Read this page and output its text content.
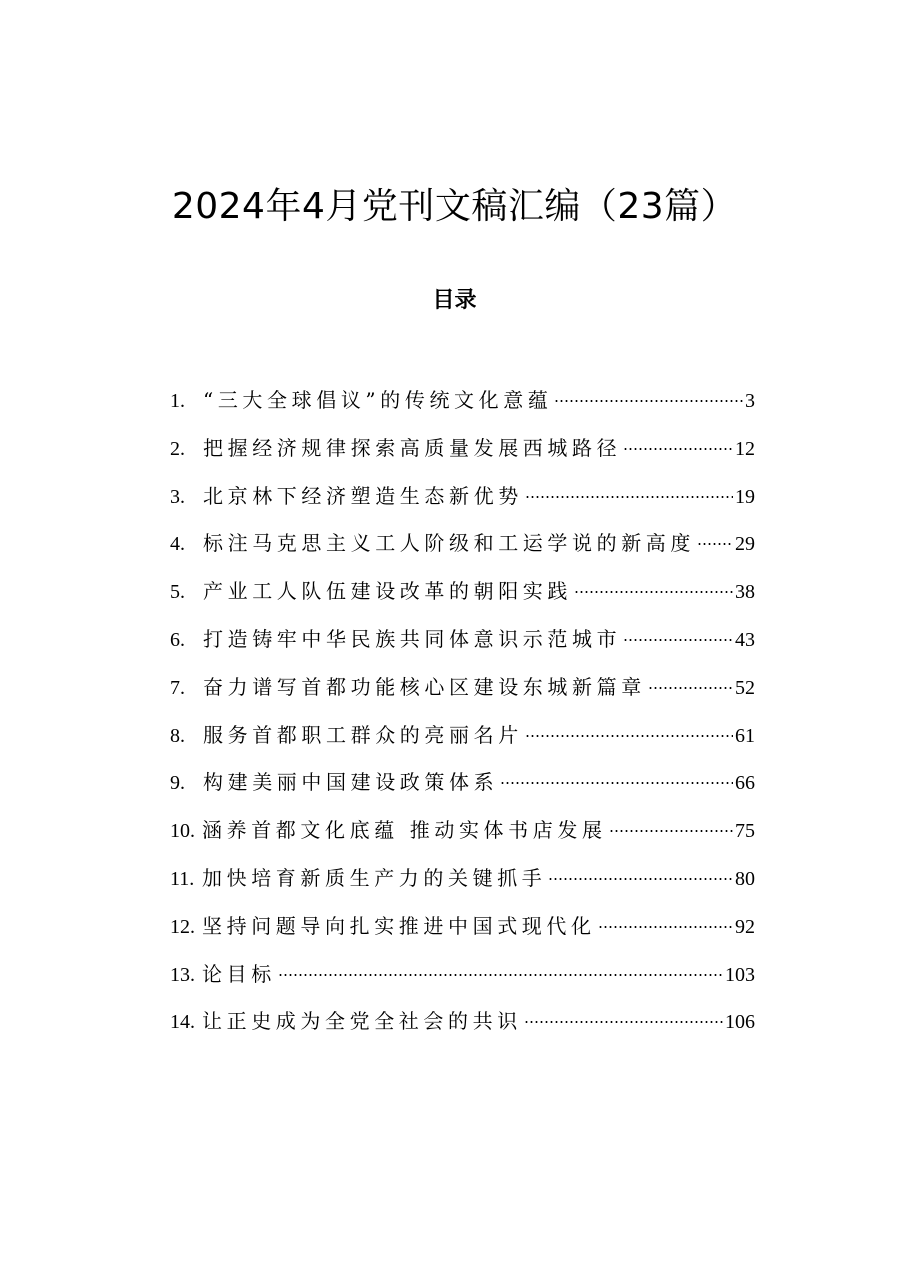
2024年4月党刊文稿汇编（23篇）
目录
1. “三大全球倡议”的传统文化意蕴	3
2. 把握经济规律探索高质量发展西城路径	12
3. 北京林下经济塑造生态新优势	19
4. 标注马克思主义工人阶级和工运学说的新高度 29
5. 产业工人队伍建设改革的朝阳实践	38
6. 打造铸牢中华民族共同体意识示范城市	43
7. 奋力谱写首都功能核心区建设东城新篇章	52
8. 服务首都职工群众的亮丽名片	61
9. 构建美丽中国建设政策体系	66
10. 涵养首都文化底蕴 推动实体书店发展	75
11. 加快培育新质生产力的关键抓手	80
12. 坚持问题导向扎实推进中国式现代化	92
13. 论目标	103
14. 让正史成为全党全社会的共识	106
